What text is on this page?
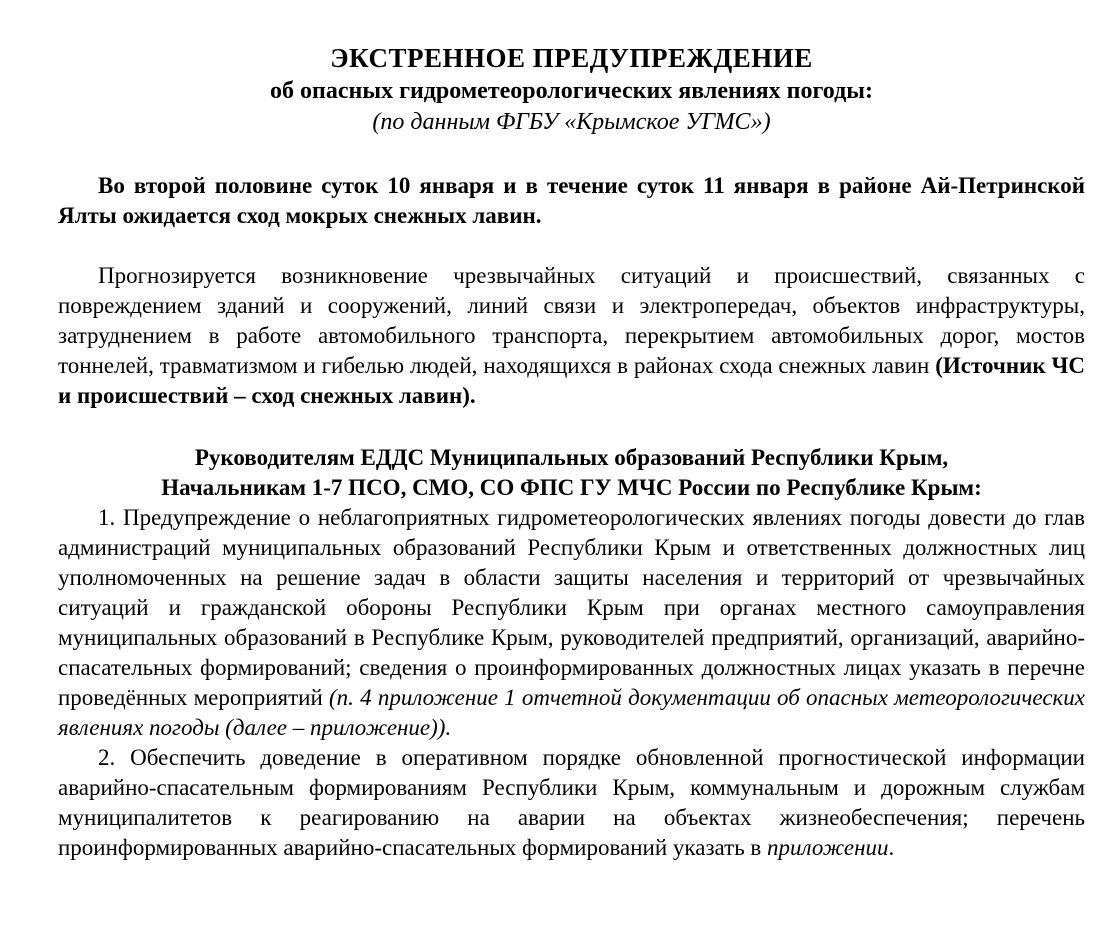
ЭКСТРЕННОЕ ПРЕДУПРЕЖДЕНИЕ
об опасных гидрометеорологических явлениях погоды:
(по данным ФГБУ «Крымское УГМС»)

Во второй половине суток 10 января и в течение суток 11 января в районе Ай-Петринской Ялты ожидается сход мокрых снежных лавин.

Прогнозируется возникновение чрезвычайных ситуаций и происшествий, связанных с повреждением зданий и сооружений, линий связи и электропередач, объектов инфраструктуры, затруднением в работе автомобильного транспорта, перекрытием автомобильных дорог, мостов тоннелей, травматизмом и гибелью людей, находящихся в районах схода снежных лавин (Источник ЧС и происшествий – сход снежных лавин).

Руководителям ЕДДС Муниципальных образований Республики Крым,
Начальникам 1-7 ПСО, СМО, СО ФПС ГУ МЧС России по Республике Крым:

1. Предупреждение о неблагоприятных гидрометеорологических явлениях погоды довести до глав администраций муниципальных образований Республики Крым и ответственных должностных лиц уполномоченных на решение задач в области защиты населения и территорий от чрезвычайных ситуаций и гражданской обороны Республики Крым при органах местного самоуправления муниципальных образований в Республике Крым, руководителей предприятий, организаций, аварийно-спасательных формирований; сведения о проинформированных должностных лицах указать в перечне проведённых мероприятий (п. 4 приложение 1 отчетной документации об опасных метеорологических явлениях погоды (далее – приложение)).

2. Обеспечить доведение в оперативном порядке обновленной прогностической информации аварийно-спасательным формированиям Республики Крым, коммунальным и дорожным службам муниципалитетов к реагированию на аварии на объектах жизнеобеспечения; перечень проинформированных аварийно-спасательных формирований указать в приложении.
